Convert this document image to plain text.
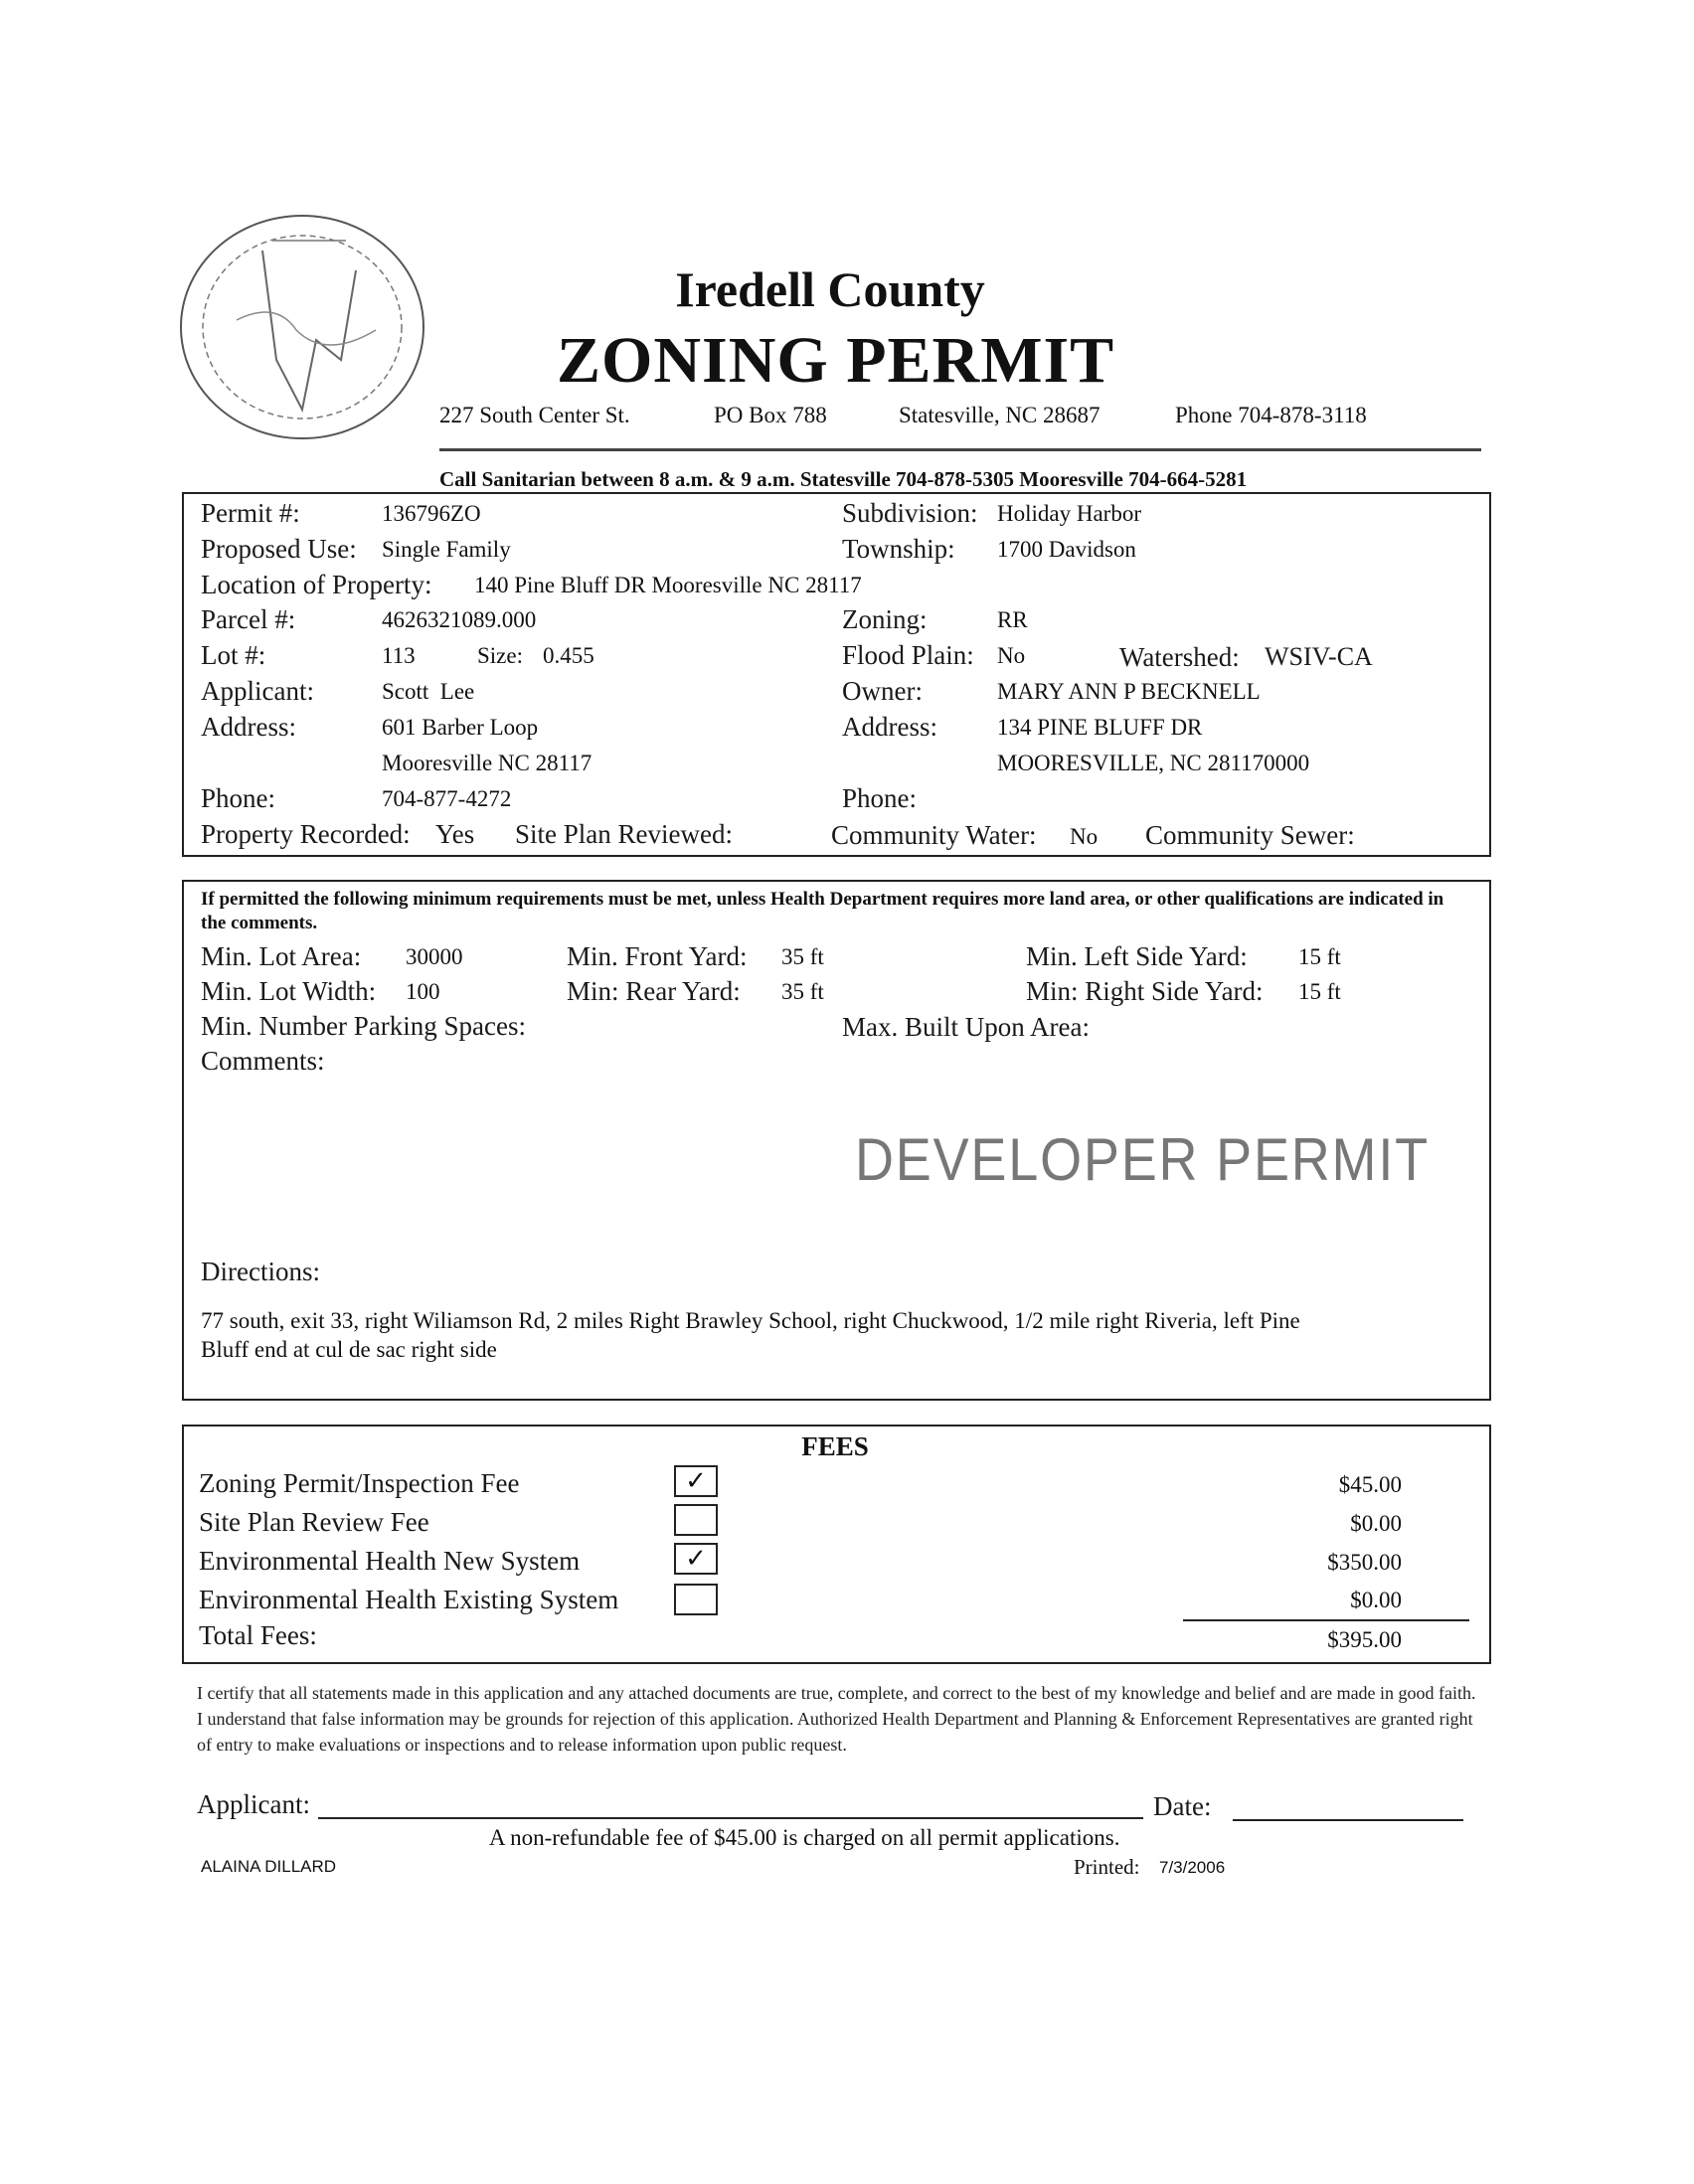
Iredell County
ZONING PERMIT
227 South Center St.	PO Box 788	Statesville, NC 28687	Phone 704-878-3118
Call Sanitarian between 8 a.m. & 9 a.m. Statesville 704-878-5305 Mooresville 704-664-5281
Permit #:	136796ZO	Subdivision: Holiday Harbor
Proposed Use: Single Family	Township: 1700 Davidson
Location of Property: 140 Pine Bluff DR Mooresville NC 28117
Parcel #:	4626321089.000	Zoning:	RR
Lot #:	113	Size: 0.455	Flood Plain: No	Watershed: WSIV-CA
Applicant:	Scott  Lee	Owner:	MARY ANN P BECKNELL
Address:	601 Barber Loop	Address:	134 PINE BLUFF DR
Mooresville NC 28117	MOORESVILLE, NC 281170000
Phone:	704-877-4272	Phone:
Property Recorded: Yes Site Plan Reviewed:	Community Water: No Community Sewer:
If permitted the following minimum requirements must be met, unless Health Department requires more land area, or other qualifications are indicated in the comments.
Min. Lot Area: 30000	Min. Front Yard: 35 ft	Min. Left Side Yard: 15 ft
Min. Lot Width: 100	Min: Rear Yard: 35 ft	Min: Right Side Yard: 15 ft
Min. Number Parking Spaces:	Max. Built Upon Area:
Comments:
DEVELOPER PERMIT
Directions:
77 south, exit 33, right Wiliamson Rd, 2 miles Right Brawley School, right Chuckwood, 1/2 mile right Riveria, left Pine
Bluff end at cul de sac right side
FEES
Zoning Permit/Inspection Fee	✓	$45.00
Site Plan Review Fee	$0.00
Environmental Health New System	✓	$350.00
Environmental Health Existing System	$0.00
Total Fees:	$395.00
I certify that all statements made in this application and any attached documents are true, complete, and correct to the best of my knowledge and belief and are made in good faith. I understand that false information may be grounds for rejection of this application. Authorized Health Department and Planning & Enforcement Representatives are granted right of entry to make evaluations or inspections and to release information upon public request.
Applicant:	Date:
A non-refundable fee of $45.00 is charged on all permit applications.
ALAINA DILLARD	Printed: 7/3/2006
